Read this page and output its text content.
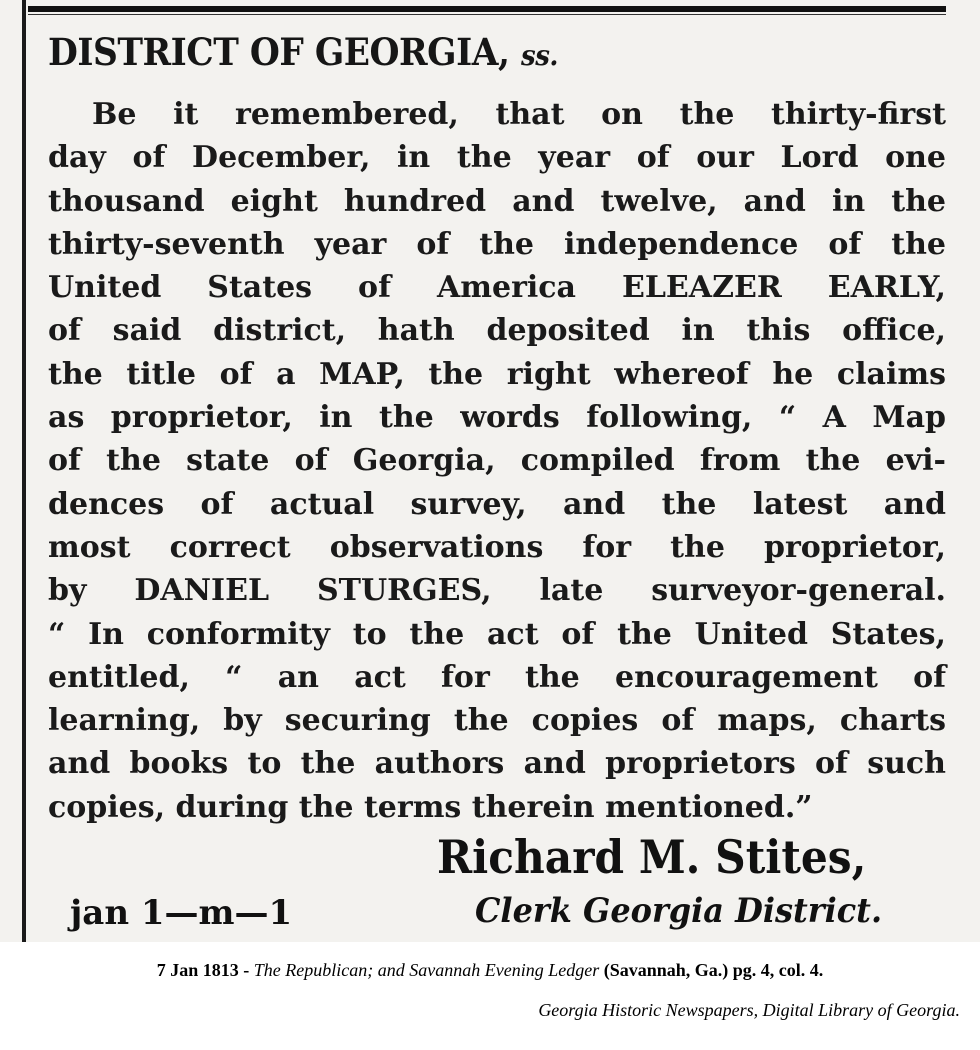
DISTRICT OF GEORGIA, ss.
Be it remembered, that on the thirty-first
day of December, in the year of our Lord one
thousand eight hundred and twelve, and in the
thirty-seventh year of the independence of the
United States of America ELEAZER EARLY,
of said district, hath deposited in this office,
the title of a MAP, the right whereof he claims
as proprietor, in the words following, “ A Map
of the state of Georgia, compiled from the evi-
dences of actual survey, and the latest and
most correct observations for the proprietor,
by DANIEL STURGES, late surveyor-general.
“ In conformity to the act of the United States,
entitled, “ an act for the encouragement of
learning, by securing the copies of maps, charts
and books to the authors and proprietors of such
copies, during the terms therein mentioned.”
Richard M. Stites,
jan 1—m—1	Clerk Georgia District.
7 Jan 1813 - The Republican; and Savannah Evening Ledger (Savannah, Ga.) pg. 4, col. 4.
Georgia Historic Newspapers, Digital Library of Georgia.
